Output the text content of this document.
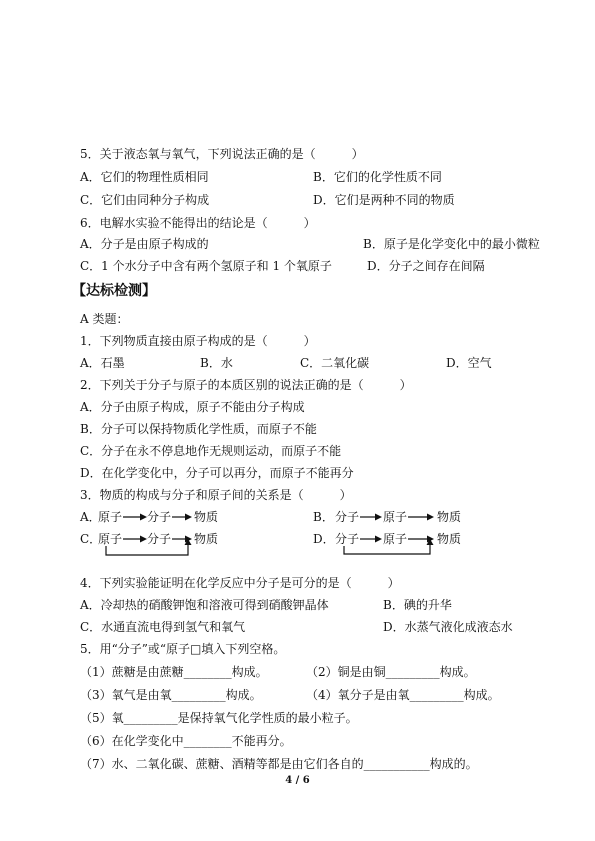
5．关于液态氧与氧气，下列说法正确的是（　　　）
A．它们的物理性质相同	B．它们的化学性质不同
C．它们由同种分子构成	D．它们是两种不同的物质
6．电解水实验不能得出的结论是（　　　）
A．分子是由原子构成的	B．原子是化学变化中的最小微粒
C．1 个水分子中含有两个氢原子和 1 个氧原子	D．分子之间存在间隔
【达标检测】
A 类题：
1．下列物质直接由原子构成的是（　　　）
A．石墨	B．水	C．二氧化碳	D．空气
2．下列关于分子与原子的本质区别的说法正确的是（　　　）
A．分子由原子构成，原子不能由分子构成
B．分子可以保持物质化学性质，而原子不能
C．分子在永不停息地作无规则运动，而原子不能
D．在化学变化中，分子可以再分，而原子不能再分
3．物质的构成与分子和原子间的关系是（　　　）
A．
原子 分子 物质	B． 分子 原子 物质
C．
原子 分子 物质	D． 分子 原子 物质
4．下列实验能证明在化学反应中分子是可分的是（　　　）
A．冷却热的硝酸钾饱和溶液可得到硝酸钾晶体	B．碘的升华
C．水通直流电得到氢气和氧气	D．水蒸气液化成液态水
5．用“分子”或“原子□填入下列空格。
（1）蔗糖是由蔗糖________构成。	（2）铜是由铜_________构成。
（3）氧气是由氧_________构成。	（4）氧分子是由氧_________构成。
（5）氧_________是保持氧气化学性质的最小粒子。
（6）在化学变化中________不能再分。
（7）水、二氧化碳、蔗糖、酒精等都是由它们各自的___________构成的。
4 / 6
